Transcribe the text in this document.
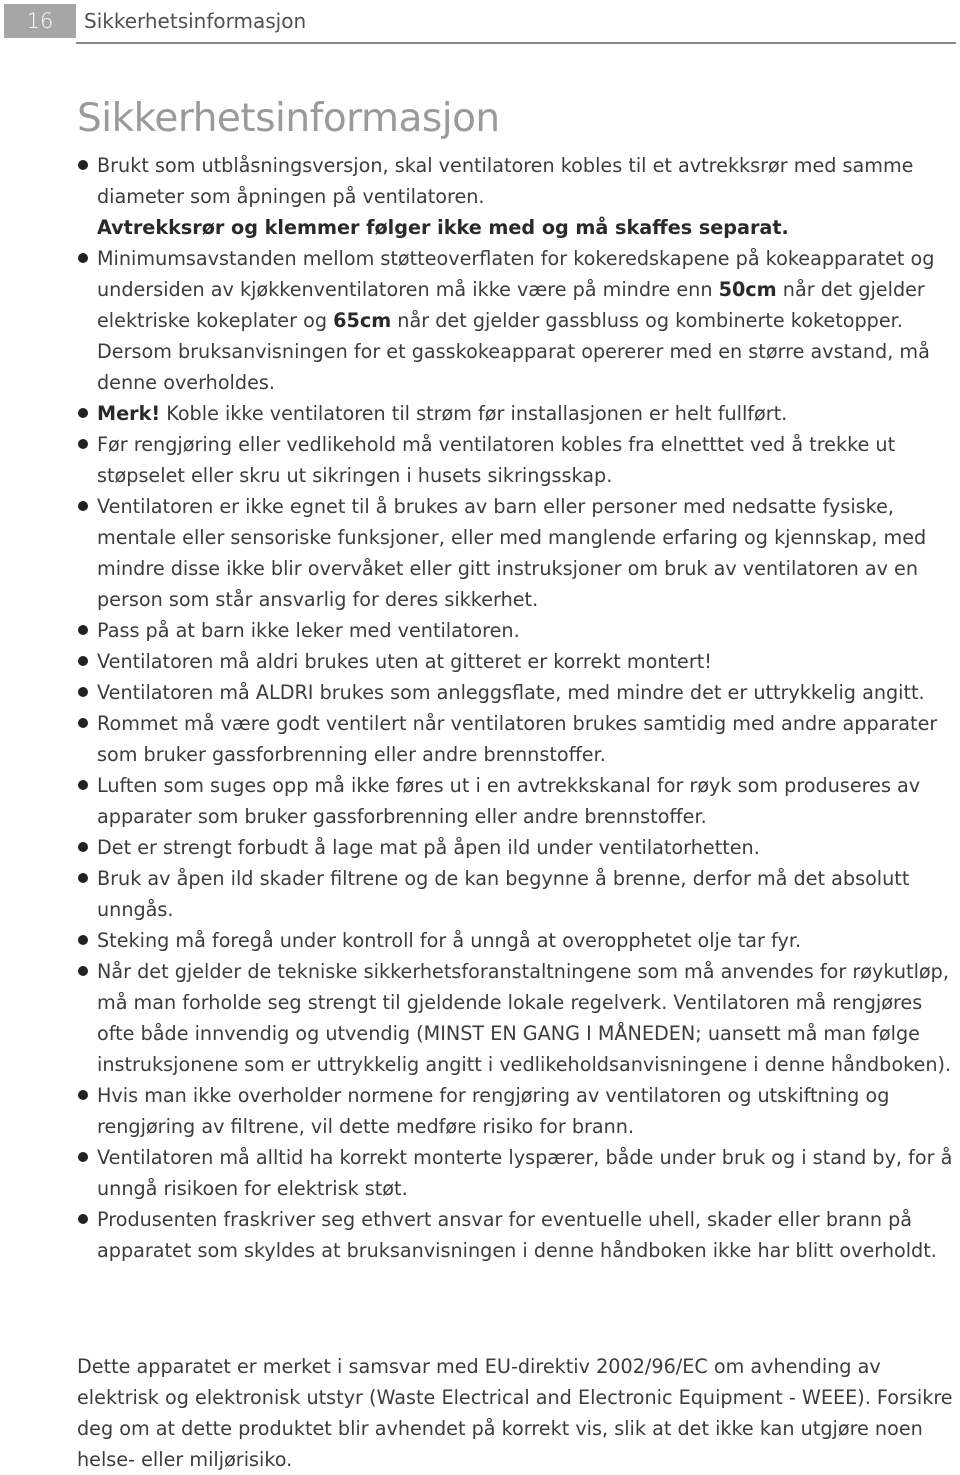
16	Sikkerhetsinformasjon
Sikkerhetsinformasjon
Brukt som utblåsningsversjon, skal ventilatoren kobles til et avtrekksrør med samme diameter som åpningen på ventilatoren.
Avtrekksrør og klemmer følger ikke med og må skaffes separat.
Minimumsavstanden mellom støtteoverflaten for kokeredskapene på kokeapparatet og undersiden av kjøkkenventilatoren må ikke være på mindre enn 50cm når det gjelder elektriske kokeplater og 65cm når det gjelder gassbluss og kombinerte koketopper. Dersom bruksanvisningen for et gasskokeapparat opererer med en større avstand, må denne overholdes.
Merk! Koble ikke ventilatoren til strøm før installasjonen er helt fullført.
Før rengjøring eller vedlikehold må ventilatoren kobles fra elnetttet ved å trekke ut støpselet eller skru ut sikringen i husets sikringsskap.
Ventilatoren er ikke egnet til å brukes av barn eller personer med nedsatte fysiske, mentale eller sensoriske funksjoner, eller med manglende erfaring og kjennskap, med mindre disse ikke blir overvåket eller gitt instruksjoner om bruk av ventilatoren av en person som står ansvarlig for deres sikkerhet.
Pass på at barn ikke leker med ventilatoren.
Ventilatoren må aldri brukes uten at gitteret er korrekt montert!
Ventilatoren må ALDRI brukes som anleggsflate, med mindre det er uttrykkelig angitt.
Rommet må være godt ventilert når ventilatoren brukes samtidig med andre apparater som bruker gassforbrenning eller andre brennstoffer.
Luften som suges opp må ikke føres ut i en avtrekkskanal for røyk som produseres av apparater som bruker gassforbrenning eller andre brennstoffer.
Det er strengt forbudt å lage mat på åpen ild under ventilatorhetten.
Bruk av åpen ild skader filtrene og de kan begynne å brenne, derfor må det absolutt unngås.
Steking må foregå under kontroll for å unngå at overopphetet olje tar fyr.
Når det gjelder de tekniske sikkerhetsforanstaltningene som må anvendes for røykutløp, må man forholde seg strengt til gjeldende lokale regelverk. Ventilatoren må rengjøres ofte både innvendig og utvendig (MINST EN GANG I MÅNEDEN; uansett må man følge instruksjonene som er uttrykkelig angitt i vedlikeholdsanvisningene i denne håndboken).
Hvis man ikke overholder normene for rengjøring av ventilatoren og utskiftning og rengjøring av filtrene, vil dette medføre risiko for brann.
Ventilatoren må alltid ha korrekt monterte lyspærer, både under bruk og i stand by, for å unngå risikoen for elektrisk støt.
Produsenten fraskriver seg ethvert ansvar for eventuelle uhell, skader eller brann på apparatet som skyldes at bruksanvisningen i denne håndboken ikke har blitt overholdt.

Dette apparatet er merket i samsvar med EU-direktiv 2002/96/EC om avhending av elektrisk og elektronisk utstyr (Waste Electrical and Electronic Equipment - WEEE). Forsikre deg om at dette produktet blir avhendet på korrekt vis, slik at det ikke kan utgjøre noen helse- eller miljørisiko.
